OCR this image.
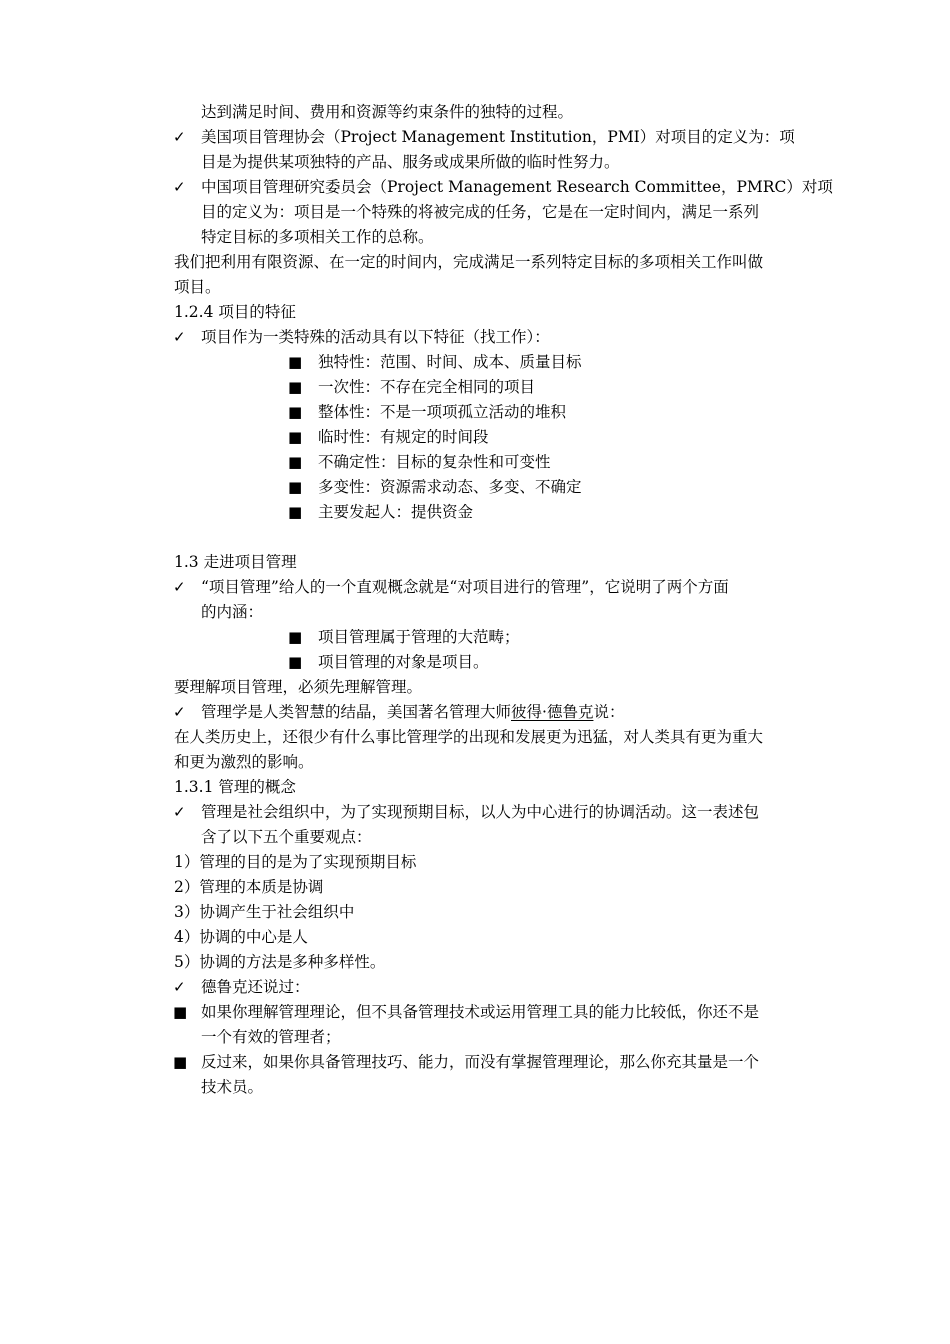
达到满足时间、费用和资源等约束条件的独特的过程。
✓ 美国项目管理协会（Project Management Institution，PMI）对项目的定义为：项
目是为提供某项独特的产品、服务或成果所做的临时性努力。
✓ 中国项目管理研究委员会（Project Management Research Committee，PMRC）对项
目的定义为：项目是一个特殊的将被完成的任务，它是在一定时间内，满足一系列
特定目标的多项相关工作的总称。
我们把利用有限资源、在一定的时间内，完成满足一系列特定目标的多项相关工作叫做
项目。
1.2.4 项目的特征
✓ 项目作为一类特殊的活动具有以下特征（找工作）：
■ 独特性：范围、时间、成本、质量目标
■ 一次性：不存在完全相同的项目
■ 整体性：不是一项项孤立活动的堆积
■ 临时性：有规定的时间段
■ 不确定性：目标的复杂性和可变性
■ 多变性：资源需求动态、多变、不确定
■ 主要发起人：提供资金
1.3 走进项目管理
✓ “项目管理”给人的一个直观概念就是“对项目进行的管理”，它说明了两个方面
的内涵：
■ 项目管理属于管理的大范畴；
■ 项目管理的对象是项目。
要理解项目管理，必须先理解管理。
✓ 管理学是人类智慧的结晶，美国著名管理大师彼得·德鲁克说：
在人类历史上，还很少有什么事比管理学的出现和发展更为迅猛，对人类具有更为重大
和更为激烈的影响。
1.3.1 管理的概念
✓ 管理是社会组织中，为了实现预期目标，以人为中心进行的协调活动。这一表述包
含了以下五个重要观点：
1）管理的目的是为了实现预期目标
2）管理的本质是协调
3）协调产生于社会组织中
4）协调的中心是人
5）协调的方法是多种多样性。
✓ 德鲁克还说过：
■ 如果你理解管理理论，但不具备管理技术或运用管理工具的能力比较低，你还不是
一个有效的管理者；
■ 反过来，如果你具备管理技巧、能力，而没有掌握管理理论，那么你充其量是一个
技术员。
